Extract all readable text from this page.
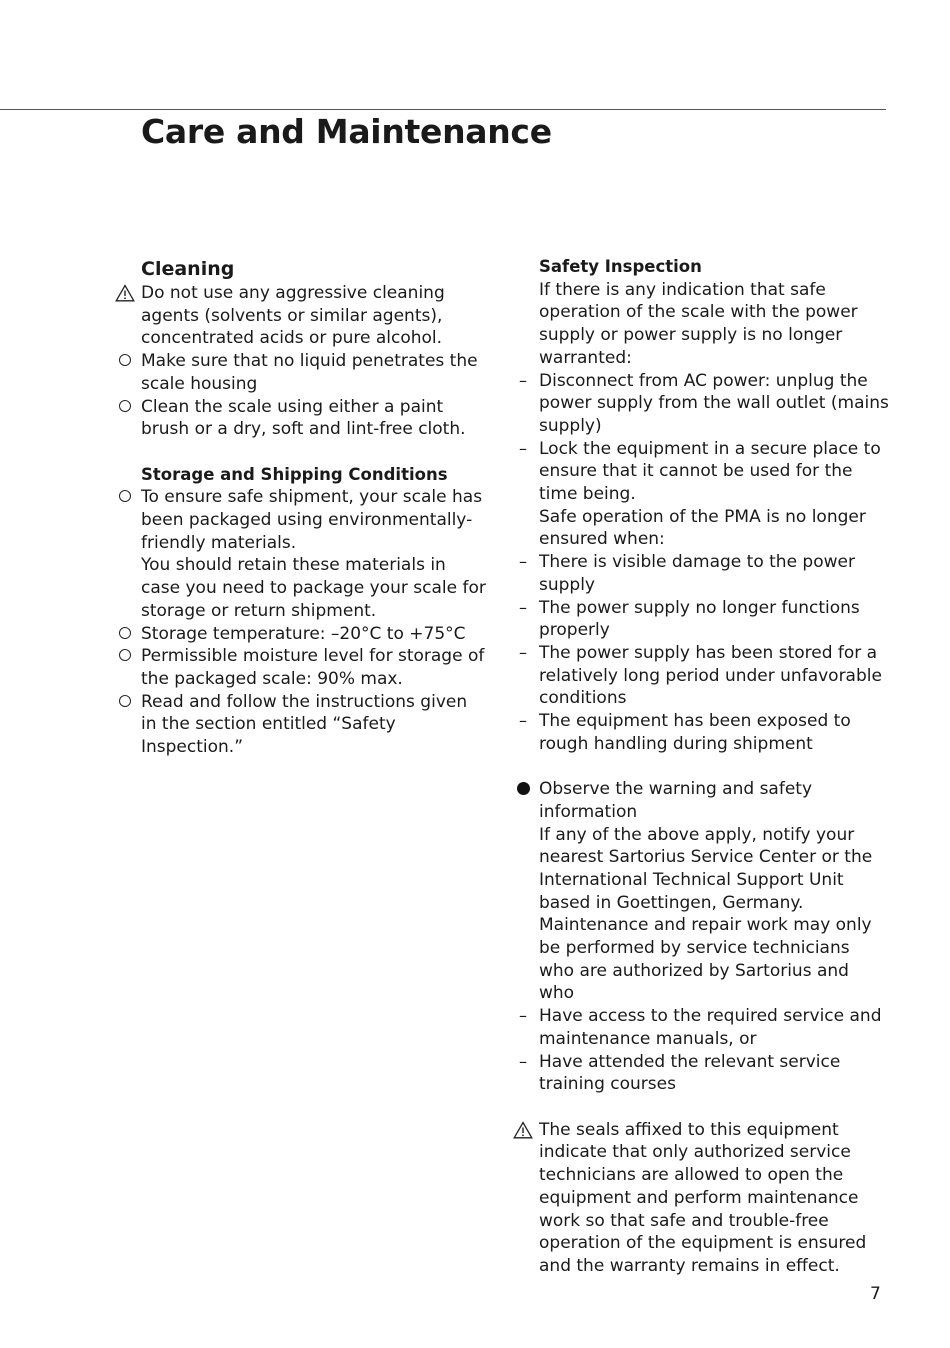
Care and Maintenance

Cleaning

Do not use any aggressive cleaning agents (solvents or similar agents), concentrated acids or pure alcohol.
Make sure that no liquid penetrates the scale housing
Clean the scale using either a paint brush or a dry, soft and lint-free cloth.

Storage and Shipping Conditions

To ensure safe shipment, your scale has been packaged using environmentally-friendly materials.
You should retain these materials in case you need to package your scale for storage or return shipment.
Storage temperature: –20°C to +75°C
Permissible moisture level for storage of the packaged scale: 90% max.
Read and follow the instructions given in the section entitled “Safety Inspection.”

Safety Inspection

If there is any indication that safe operation of the scale with the power supply or power supply is no longer warranted:
– Disconnect from AC power: unplug the power supply from the wall outlet (mains supply)
– Lock the equipment in a secure place to ensure that it cannot be used for the time being.
Safe operation of the PMA is no longer ensured when:
– There is visible damage to the power supply
– The power supply no longer functions properly
– The power supply has been stored for a relatively long period under unfavorable conditions
– The equipment has been exposed to rough handling during shipment
Observe the warning and safety information
If any of the above apply, notify your nearest Sartorius Service Center or the International Technical Support Unit based in Goettingen, Germany. Maintenance and repair work may only be performed by service technicians who are authorized by Sartorius and who
– Have access to the required service and maintenance manuals, or
– Have attended the relevant service training courses
The seals affixed to this equipment indicate that only authorized service technicians are allowed to open the equipment and perform maintenance work so that safe and trouble-free operation of the equipment is ensured and the warranty remains in effect.
7
